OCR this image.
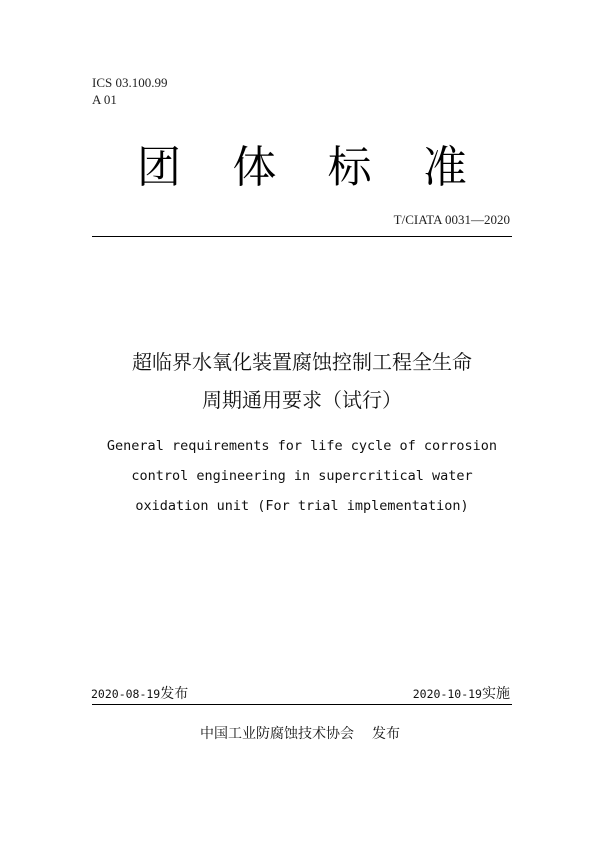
ICS 03.100.99
A 01
团 体 标 准
T/CIATA 0031—2020
超临界水氧化装置腐蚀控制工程全生命
周期通用要求（试行）
General requirements for life cycle of corrosion
control engineering in supercritical water
oxidation unit (For trial implementation)
2020-08-19发布	2020-10-19实施
中国工业防腐蚀技术协会 发布
